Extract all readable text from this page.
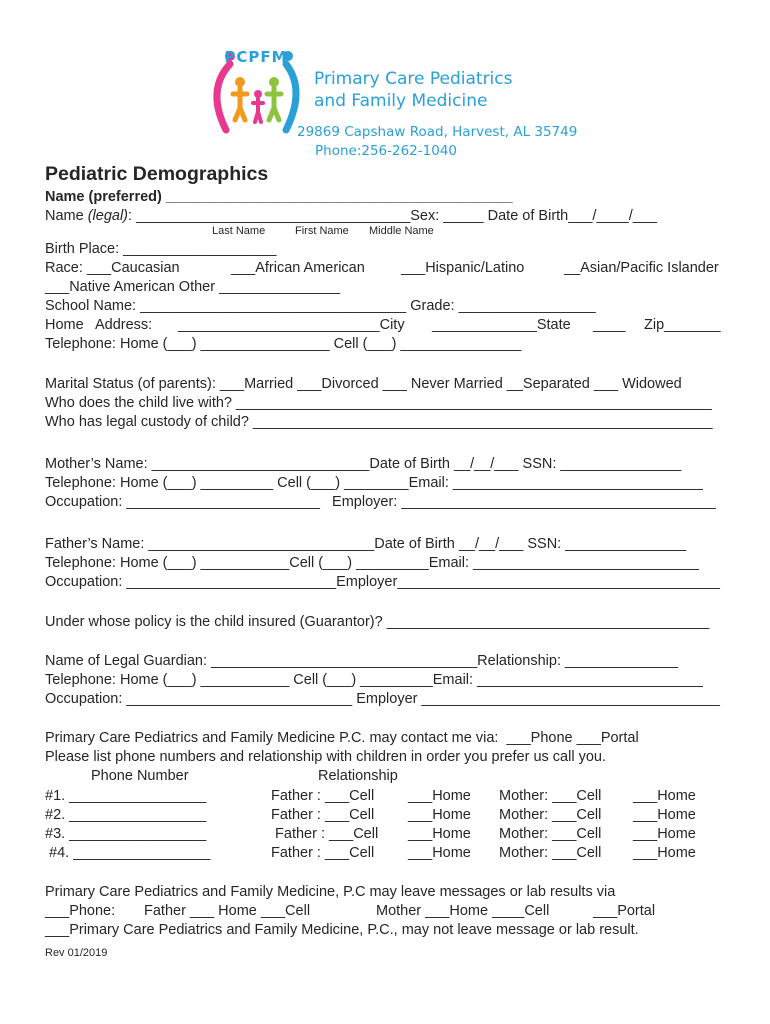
PCPFM
Primary Care Pediatrics
and Family Medicine
29869 Capshaw Road, Harvest, AL 35749
Phone:256-262-1040
Pediatric Demographics
Name (preferred) ___________________________________________
Name (legal): __________________________________Sex: _____ Date of Birth___/____/___
Last Name	First Name Middle Name
Birth Place: ___________________
Race: ___Caucasian	___African American ___Hispanic/Latino	__Asian/Pacific Islander
___Native American Other _______________
School Name: _________________________________ Grade: _________________
Home   Address: _________________________City _____________State ____ Zip_______
Telephone: Home (___) ________________ Cell (___) _______________
Marital Status (of parents): ___Married ___Divorced ___ Never Married __Separated ___ Widowed
Who does the child live with? ___________________________________________________________
Who has legal custody of child? _________________________________________________________
Mother’s Name: ___________________________Date of Birth __/__/___ SSN: _______________
Telephone: Home (___) _________ Cell (___) ________Email: _______________________________
Occupation: ________________________   Employer: _______________________________________
Father’s Name: ____________________________Date of Birth __/__/___ SSN: _______________
Telephone: Home (___) ___________Cell (___) _________Email: ____________________________
Occupation: __________________________Employer________________________________________
Under whose policy is the child insured (Guarantor)? ________________________________________
Name of Legal Guardian: _________________________________Relationship: ______________
Telephone: Home (___) ___________ Cell (___) _________Email: ____________________________
Occupation: ____________________________ Employer _____________________________________
Primary Care Pediatrics and Family Medicine P.C. may contact me via:  ___Phone ___Portal
Please list phone numbers and relationship with children in order you prefer us call you.
Phone Number	Relationship
#1. _________________	Father : ___Cell ___Home Mother: ___Cell ___Home
#2. _________________	Father : ___Cell ___Home Mother: ___Cell ___Home
#3. _________________	Father : ___Cell ___Home Mother: ___Cell ___Home
#4. _________________	Father : ___Cell ___Home Mother: ___Cell ___Home
Primary Care Pediatrics and Family Medicine, P.C may leave messages or lab results via
___Phone: Father ___ Home ___Cell	Mother ___Home ____Cell	___Portal
___Primary Care Pediatrics and Family Medicine, P.C., may not leave message or lab result.
Rev 01/2019
